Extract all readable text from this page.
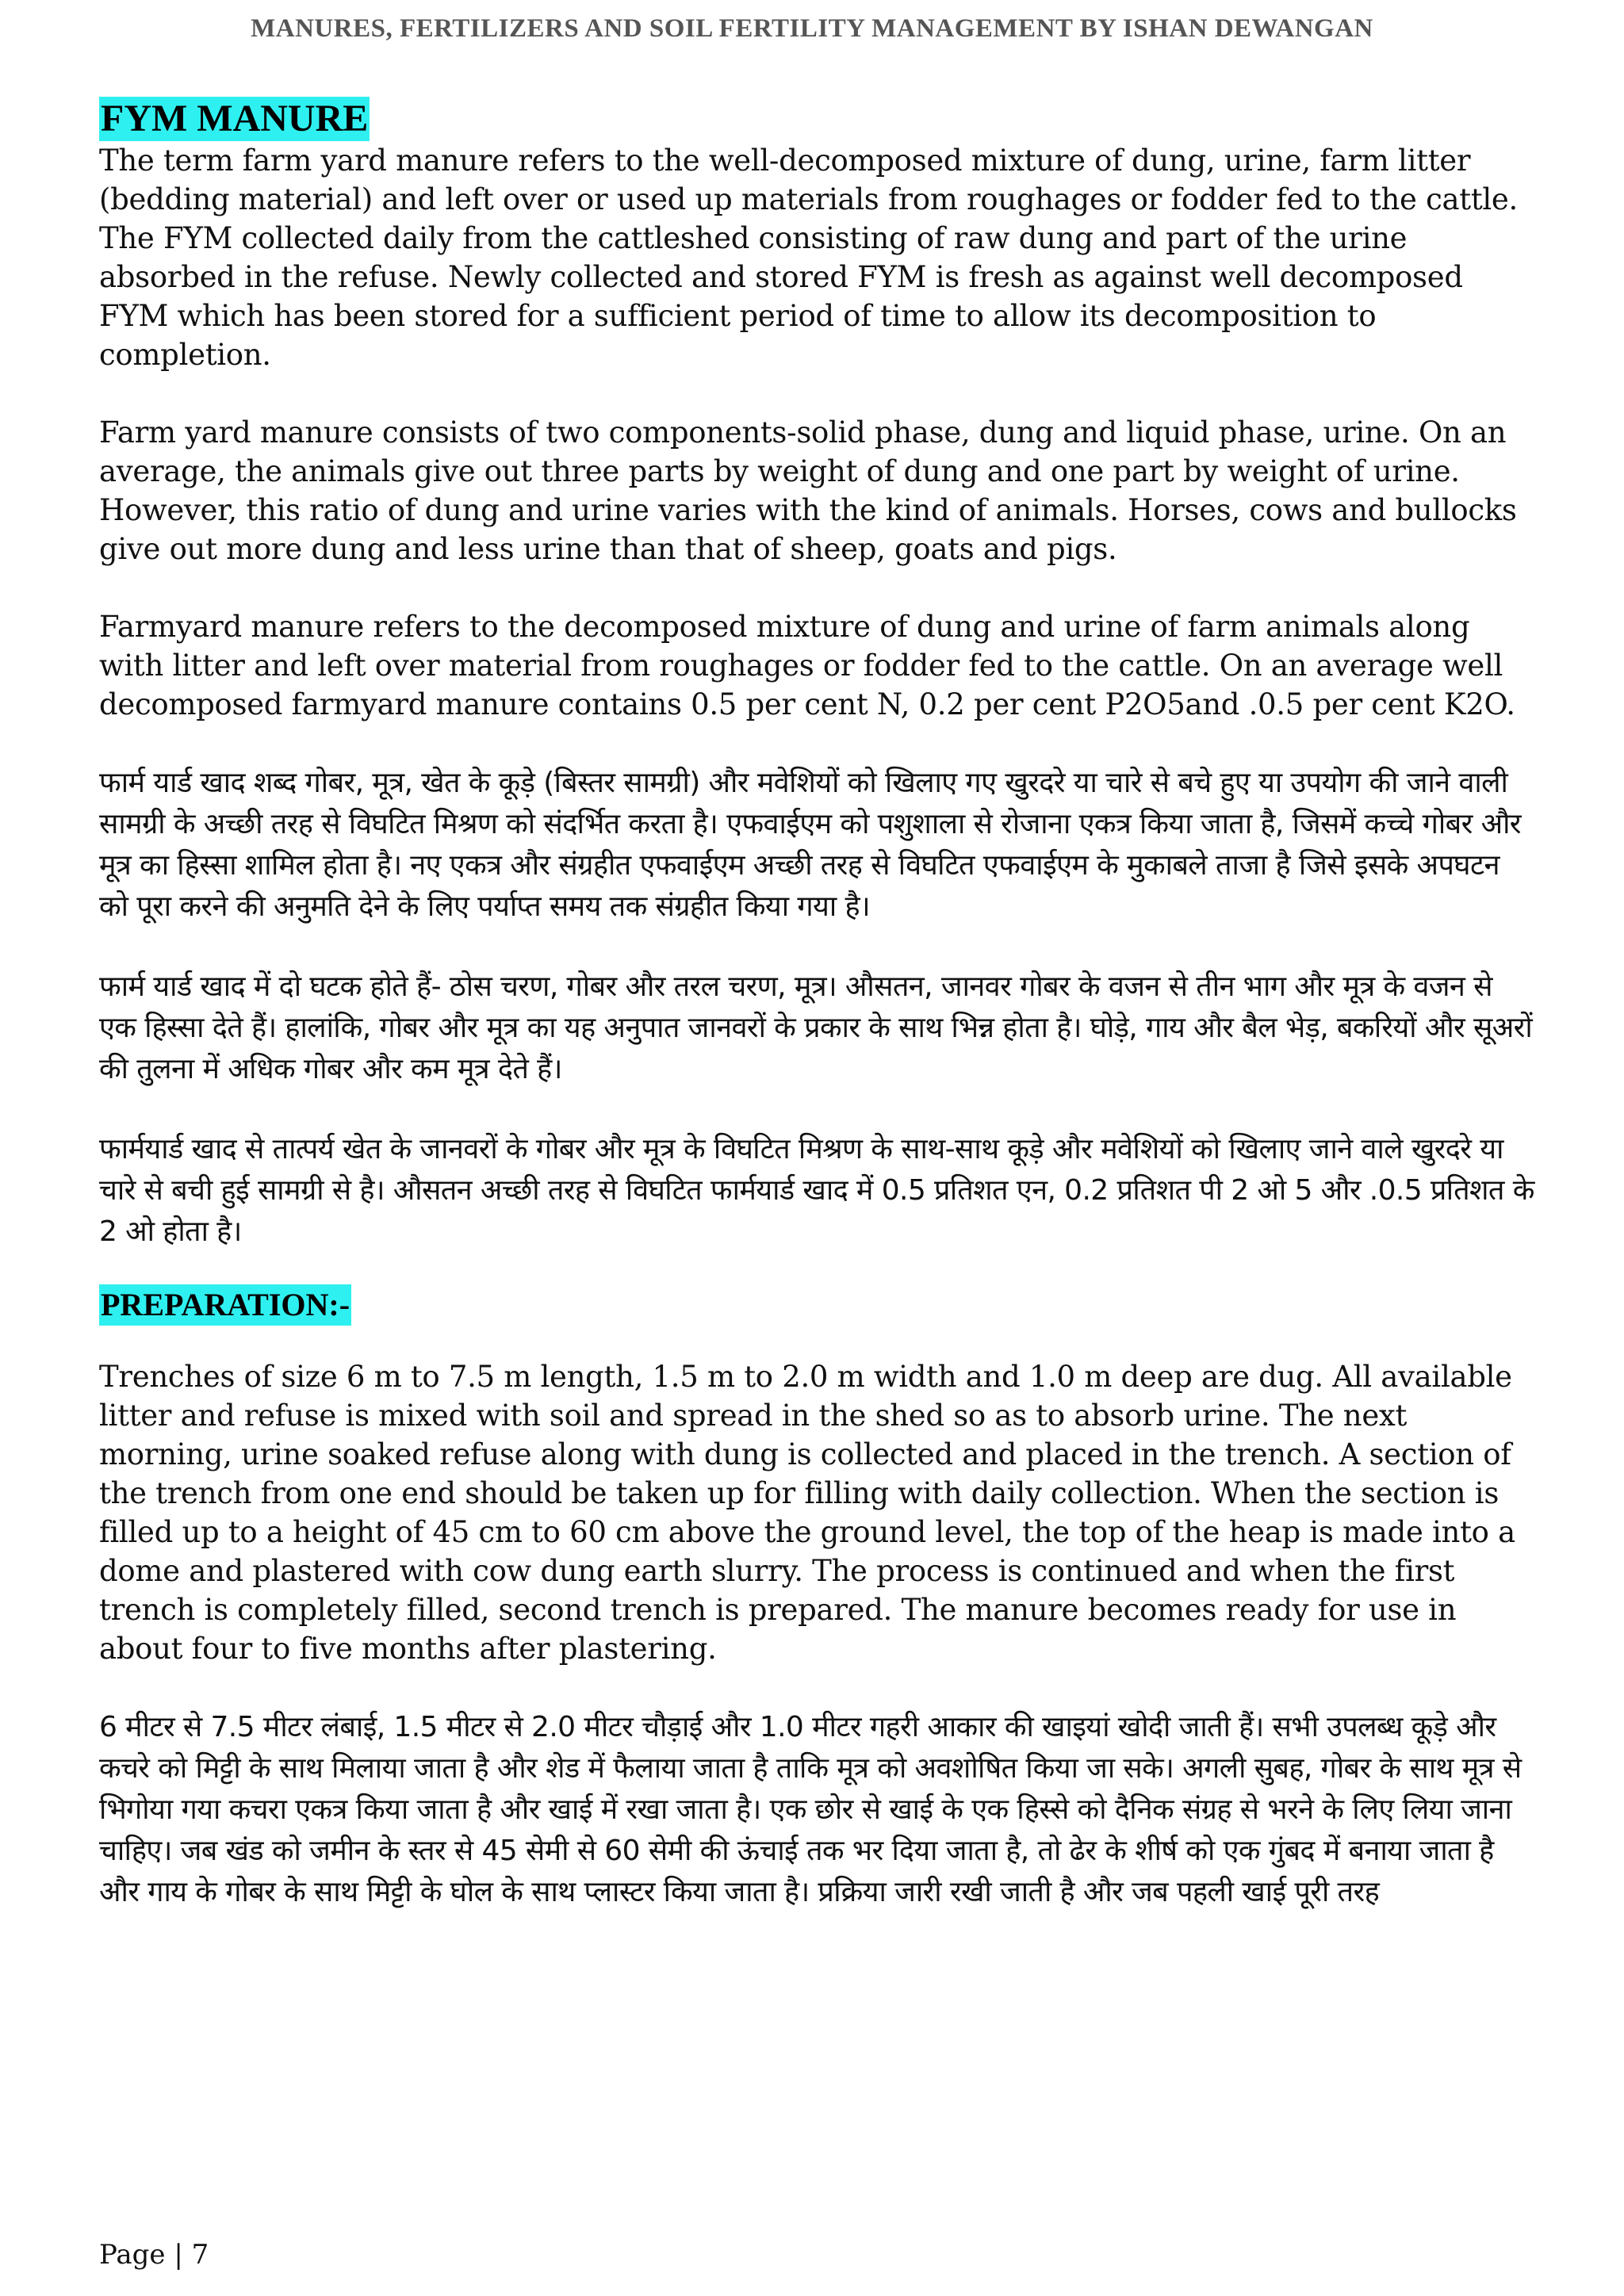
MANURES, FERTILIZERS AND SOIL FERTILITY MANAGEMENT BY ISHAN DEWANGAN
FYM MANURE

The term farm yard manure refers to the well-decomposed mixture of dung, urine, farm litter (bedding material) and left over or used up materials from roughages or fodder fed to the cattle. The FYM collected daily from the cattleshed consisting of raw dung and part of the urine absorbed in the refuse. Newly collected and stored FYM is fresh as against well decomposed FYM which has been stored for a sufficient period of time to allow its decomposition to completion.

Farm yard manure consists of two components-solid phase, dung and liquid phase, urine. On an average, the animals give out three parts by weight of dung and one part by weight of urine. However, this ratio of dung and urine varies with the kind of animals. Horses, cows and bullocks give out more dung and less urine than that of sheep, goats and pigs.

Farmyard manure refers to the decomposed mixture of dung and urine of farm animals along with litter and left over material from roughages or fodder fed to the cattle. On an average well decomposed farmyard manure contains 0.5 per cent N, 0.2 per cent P2O5and .0.5 per cent K2O.

फार्म यार्ड खाद शब्द गोबर, मूत्र, खेत के कूड़े (बिस्तर सामग्री) और मवेशियों को खिलाए गए खुरदरे या चारे से बचे हुए या उपयोग की जाने वाली सामग्री के अच्छी तरह से विघटित मिश्रण को संदर्भित करता है। एफवाईएम को पशुशाला से रोजाना एकत्र किया जाता है, जिसमें कच्चे गोबर और मूत्र का हिस्सा शामिल होता है। नए एकत्र और संग्रहीत एफवाईएम अच्छी तरह से विघटित एफवाईएम के मुकाबले ताजा है जिसे इसके अपघटन को पूरा करने की अनुमति देने के लिए पर्याप्त समय तक संग्रहीत किया गया है।

फार्म यार्ड खाद में दो घटक होते हैं- ठोस चरण, गोबर और तरल चरण, मूत्र। औसतन, जानवर गोबर के वजन से तीन भाग और मूत्र के वजन से एक हिस्सा देते हैं। हालांकि, गोबर और मूत्र का यह अनुपात जानवरों के प्रकार के साथ भिन्न होता है। घोड़े, गाय और बैल भेड़, बकरियों और सूअरों की तुलना में अधिक गोबर और कम मूत्र देते हैं।

फार्मयार्ड खाद से तात्पर्य खेत के जानवरों के गोबर और मूत्र के विघटित मिश्रण के साथ-साथ कूड़े और मवेशियों को खिलाए जाने वाले खुरदरे या चारे से बची हुई सामग्री से है। औसतन अच्छी तरह से विघटित फार्मयार्ड खाद में 0.5 प्रतिशत एन, 0.2 प्रतिशत पी 2 ओ 5 और .0.5 प्रतिशत के 2 ओ होता है।

PREPARATION:-

Trenches of size 6 m to 7.5 m length, 1.5 m to 2.0 m width and 1.0 m deep are dug. All available litter and refuse is mixed with soil and spread in the shed so as to absorb urine. The next morning, urine soaked refuse along with dung is collected and placed in the trench. A section of the trench from one end should be taken up for filling with daily collection. When the section is filled up to a height of 45 cm to 60 cm above the ground level, the top of the heap is made into a dome and plastered with cow dung earth slurry. The process is continued and when the first trench is completely filled, second trench is prepared. The manure becomes ready for use in about four to five months after plastering.

6 मीटर से 7.5 मीटर लंबाई, 1.5 मीटर से 2.0 मीटर चौड़ाई और 1.0 मीटर गहरी आकार की खाइयां खोदी जाती हैं। सभी उपलब्ध कूड़े और कचरे को मिट्टी के साथ मिलाया जाता है और शेड में फैलाया जाता है ताकि मूत्र को अवशोषित किया जा सके। अगली सुबह, गोबर के साथ मूत्र से भिगोया गया कचरा एकत्र किया जाता है और खाई में रखा जाता है। एक छोर से खाई के एक हिस्से को दैनिक संग्रह से भरने के लिए लिया जाना चाहिए। जब खंड को जमीन के स्तर से 45 सेमी से 60 सेमी की ऊंचाई तक भर दिया जाता है, तो ढेर के शीर्ष को एक गुंबद में बनाया जाता है और गाय के गोबर के साथ मिट्टी के घोल के साथ प्लास्टर किया जाता है। प्रक्रिया जारी रखी जाती है और जब पहली खाई पूरी तरह

Page | 7
